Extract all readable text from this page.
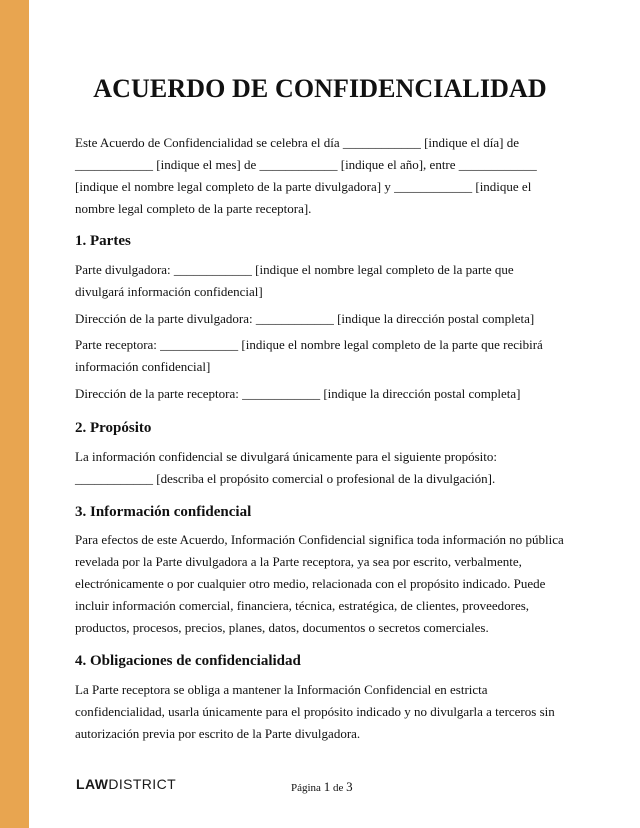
ACUERDO DE CONFIDENCIALIDAD

Este Acuerdo de Confidencialidad se celebra el día ____________ [indique el día] de ____________ [indique el mes] de ____________ [indique el año], entre ____________ [indique el nombre legal completo de la parte divulgadora] y ____________ [indique el nombre legal completo de la parte receptora].

1. Partes

Parte divulgadora: ____________ [indique el nombre legal completo de la parte que divulgará información confidencial]

Dirección de la parte divulgadora: ____________ [indique la dirección postal completa]

Parte receptora: ____________ [indique el nombre legal completo de la parte que recibirá información confidencial]

Dirección de la parte receptora: ____________ [indique la dirección postal completa]

2. Propósito

La información confidencial se divulgará únicamente para el siguiente propósito: ____________ [describa el propósito comercial o profesional de la divulgación].

3. Información confidencial

Para efectos de este Acuerdo, Información Confidencial significa toda información no pública revelada por la Parte divulgadora a la Parte receptora, ya sea por escrito, verbalmente, electrónicamente o por cualquier otro medio, relacionada con el propósito indicado. Puede incluir información comercial, financiera, técnica, estratégica, de clientes, proveedores, productos, procesos, precios, planes, datos, documentos o secretos comerciales.

4. Obligaciones de confidencialidad

La Parte receptora se obliga a mantener la Información Confidencial en estricta confidencialidad, usarla únicamente para el propósito indicado y no divulgarla a terceros sin autorización previa por escrito de la Parte divulgadora.

LAWDISTRICT	Página 1 de 3
